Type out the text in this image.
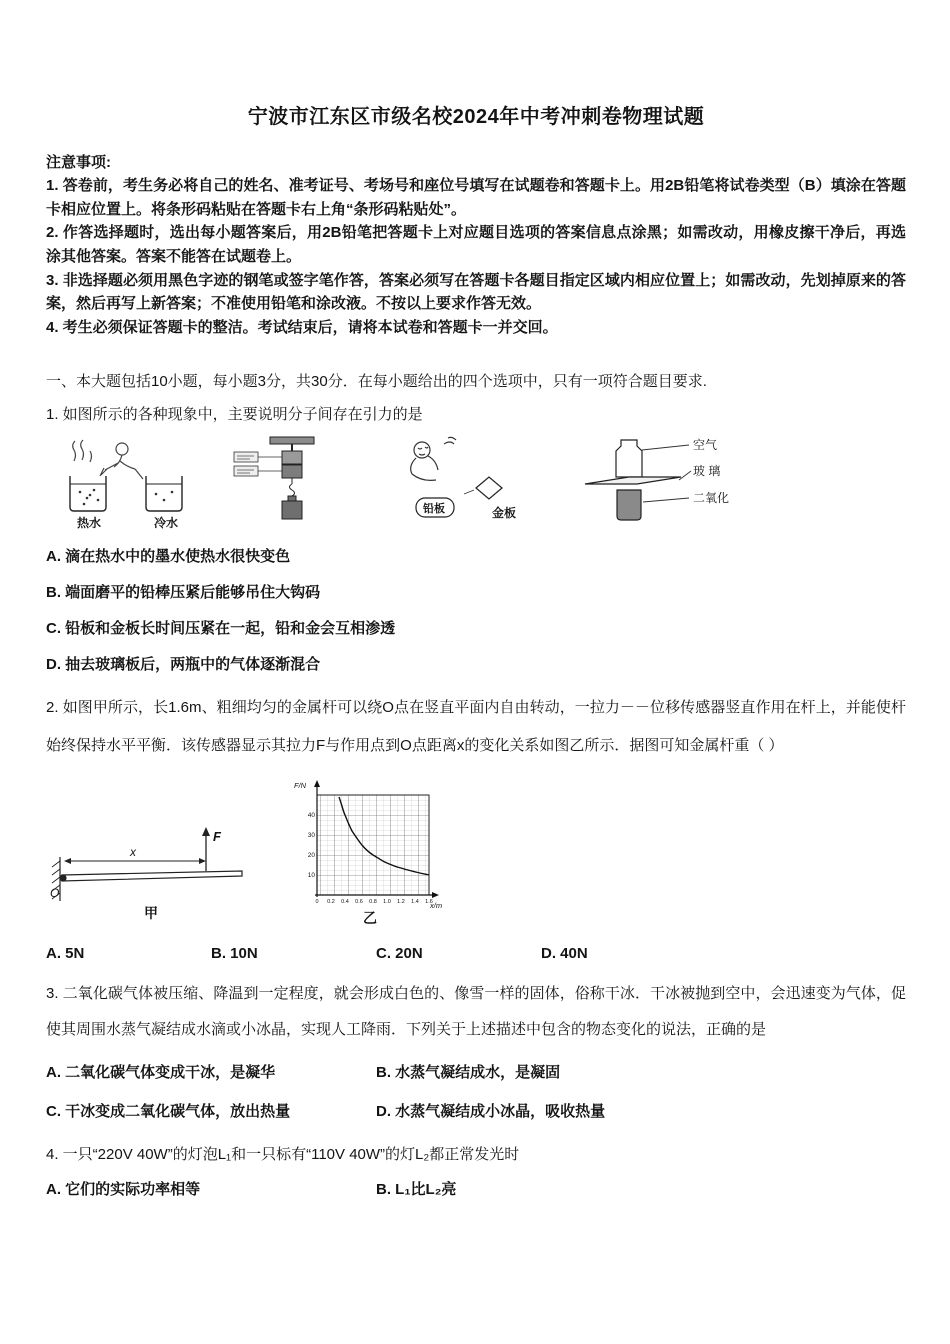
宁波市江东区市级名校2024年中考冲刺卷物理试题

注意事项:

1. 答卷前，考生务必将自己的姓名、准考证号、考场号和座位号填写在试题卷和答题卡上。用2B铅笔将试卷类型（B）填涂在答题卡相应位置上。将条形码粘贴在答题卡右上角“条形码粘贴处”。

2. 作答选择题时，选出每小题答案后，用2B铅笔把答题卡上对应题目选项的答案信息点涂黑；如需改动，用橡皮擦干净后，再选涂其他答案。答案不能答在试题卷上。

3. 非选择题必须用黑色字迹的钢笔或签字笔作答，答案必须写在答题卡各题目指定区域内相应位置上；如需改动，先划掉原来的答案，然后再写上新答案；不准使用铅笔和涂改液。不按以上要求作答无效。

4. 考生必须保证答题卡的整洁。考试结束后，请将本试卷和答题卡一并交回。

一、本大题包括10小题，每小题3分，共30分．在每小题给出的四个选项中，只有一项符合题目要求.

1. 如图所示的各种现象中，主要说明分子间存在引力的是

热水	冷水
铅板	金板
空气
玻 璃
二氧化

A. 滴在热水中的墨水使热水很快变色

B. 端面磨平的铅棒压紧后能够吊住大钩码

C. 铅板和金板长时间压紧在一起，铅和金会互相渗透

D. 抽去玻璃板后，两瓶中的气体逐渐混合

2. 如图甲所示，长1.6m、粗细均匀的金属杆可以绕O点在竖直平面内自由转动，一拉力－－位移传感器竖直作用在杆上，并能使杆始终保持水平平衡．该传感器显示其拉力F与作用点到O点距离x的变化关系如图乙所示．据图可知金属杆重（ ）

x
F
O
甲
40
30
20
10
0 0.2 0.4 0.6 0.8 1.0 1.2 1.4 1.6
F/N
x/m
乙
A. 5N	B. 10N	C. 20N	D. 40N

3. 二氧化碳气体被压缩、降温到一定程度，就会形成白色的、像雪一样的固体，俗称干冰．干冰被抛到空中，会迅速变为气体，促使其周围水蒸气凝结成水滴或小冰晶，实现人工降雨．下列关于上述描述中包含的物态变化的说法，正确的是

A. 二氧化碳气体变成干冰，是凝华	B. 水蒸气凝结成水，是凝固
C. 干冰变成二氧化碳气体，放出热量	D. 水蒸气凝结成小冰晶，吸收热量

4. 一只“220V 40W”的灯泡L₁和一只标有“110V 40W”的灯L₂都正常发光时

A. 它们的实际功率相等	B. L₁比L₂亮
